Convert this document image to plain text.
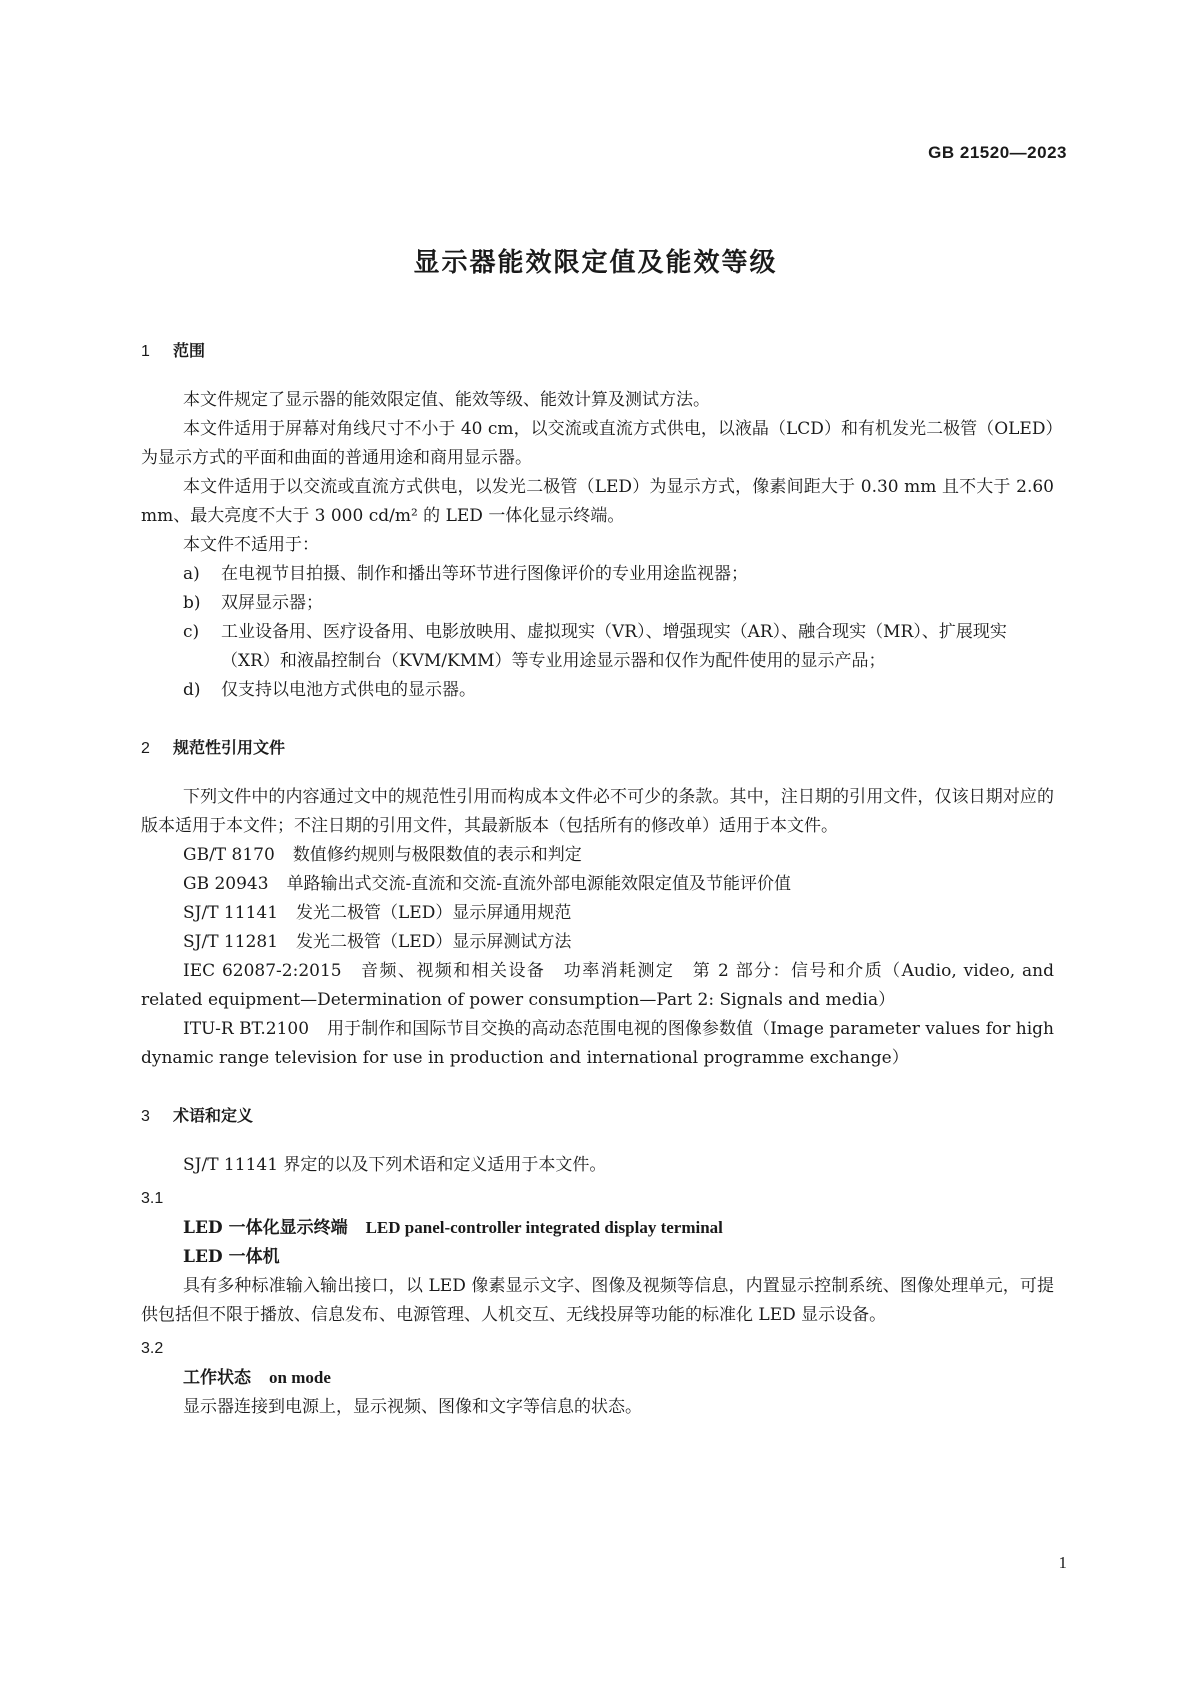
GB 21520—2023
显示器能效限定值及能效等级
1 范围

本文件规定了显示器的能效限定值、能效等级、能效计算及测试方法。

本文件适用于屏幕对角线尺寸不小于 40 cm，以交流或直流方式供电，以液晶（LCD）和有机发光二极管（OLED）为显示方式的平面和曲面的普通用途和商用显示器。

本文件适用于以交流或直流方式供电，以发光二极管（LED）为显示方式，像素间距大于 0.30 mm 且不大于 2.60 mm、最大亮度不大于 3 000 cd/m² 的 LED 一体化显示终端。

本文件不适用于：

a) 在电视节目拍摄、制作和播出等环节进行图像评价的专业用途监视器；

b) 双屏显示器；

c) 工业设备用、医疗设备用、电影放映用、虚拟现实（VR）、增强现实（AR）、融合现实（MR）、扩展现实（XR）和液晶控制台（KVM/KMM）等专业用途显示器和仅作为配件使用的显示产品；

d) 仅支持以电池方式供电的显示器。

2 规范性引用文件

下列文件中的内容通过文中的规范性引用而构成本文件必不可少的条款。其中，注日期的引用文件，仅该日期对应的版本适用于本文件；不注日期的引用文件，其最新版本（包括所有的修改单）适用于本文件。

GB/T 8170 数值修约规则与极限数值的表示和判定

GB 20943 单路输出式交流-直流和交流-直流外部电源能效限定值及节能评价值

SJ/T 11141 发光二极管（LED）显示屏通用规范

SJ/T 11281 发光二极管（LED）显示屏测试方法

IEC 62087-2:2015 音频、视频和相关设备　功率消耗测定　第 2 部分：信号和介质（Audio, video, and related equipment—Determination of power consumption—Part 2: Signals and media）

ITU-R BT.2100 用于制作和国际节目交换的高动态范围电视的图像参数值（Image parameter values for high dynamic range television for use in production and international programme exchange）

3 术语和定义

SJ/T 11141 界定的以及下列术语和定义适用于本文件。

3.1

LED 一体化显示终端 LED panel-controller integrated display terminal

LED 一体机

具有多种标准输入输出接口，以 LED 像素显示文字、图像及视频等信息，内置显示控制系统、图像处理单元，可提供包括但不限于播放、信息发布、电源管理、人机交互、无线投屏等功能的标准化 LED 显示设备。

3.2

工作状态 on mode

显示器连接到电源上，显示视频、图像和文字等信息的状态。

1
